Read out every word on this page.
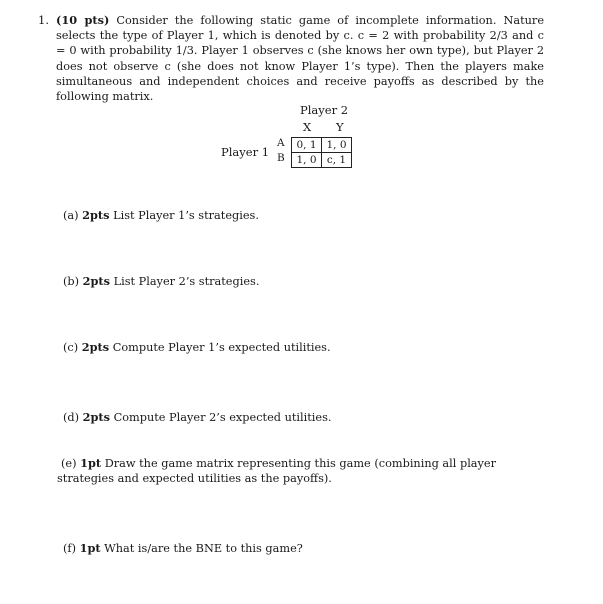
1. (10 pts) Consider the following static game of incomplete information. Nature selects the type of Player 1, which is denoted by c. c = 2 with probability 2/3 and c = 0 with probability 1/3. Player 1 observes c (she knows her own type), but Player 2 does not observe c (she does not know Player 1’s type). Then the players make simultaneous and independent choices and receive payoffs as described by the following matrix.
Player 2
X Y
Player 1
A
B
0, 1	1, 0
1, 0	c, 1
(a) 2pts List Player 1’s strategies.
(b) 2pts List Player 2’s strategies.
(c) 2pts Compute Player 1’s expected utilities.
(d) 2pts Compute Player 2’s expected utilities.
(e) 1pt Draw the game matrix representing this game (combining all player strategies and expected utilities as the payoffs).
(f) 1pt What is/are the BNE to this game?
